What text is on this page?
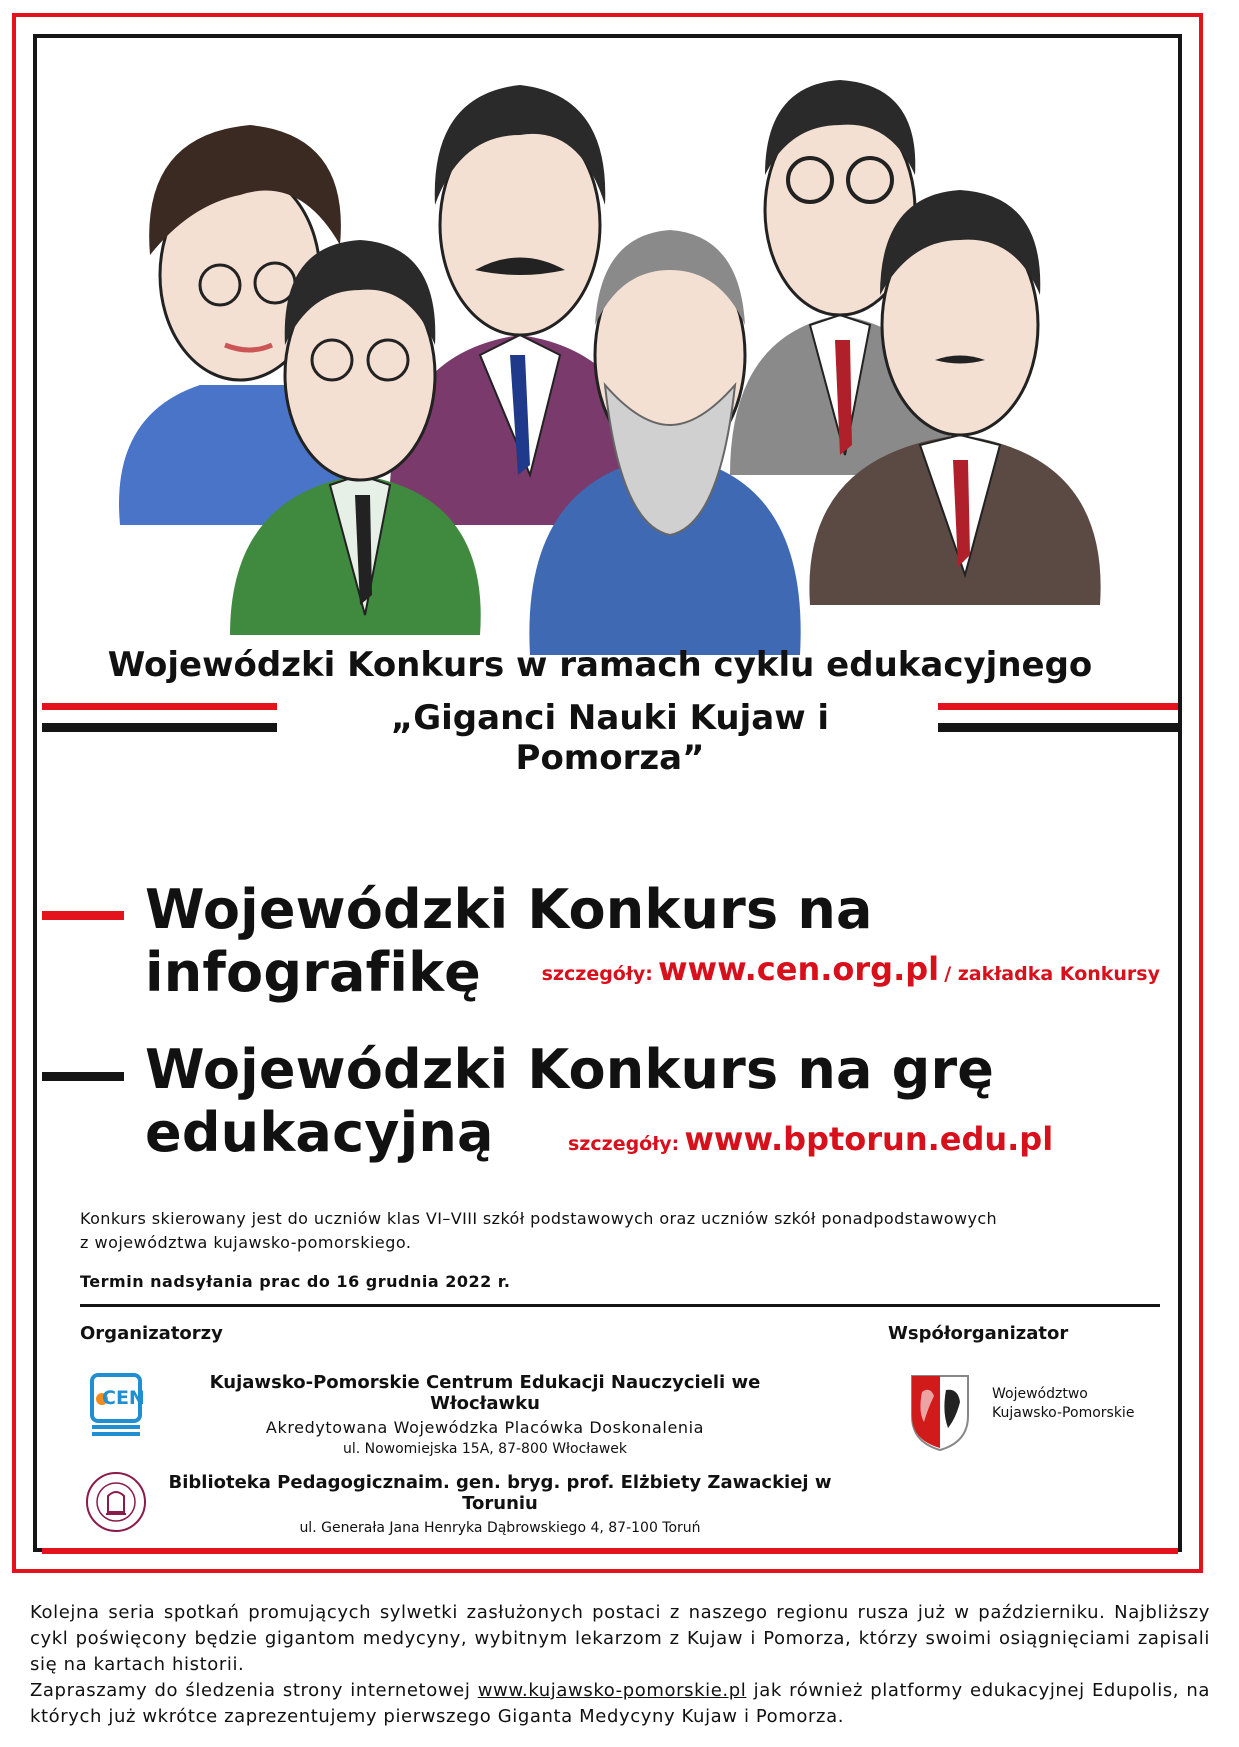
Wojewódzki Konkurs w ramach cyklu edukacyjnego
„Giganci Nauki Kujaw i Pomorza”
Wojewódzki Konkurs na infografikę	szczegóły: www.cen.org.pl / zakładka Konkursy
Wojewódzki Konkurs na grę edukacyjną	szczegóły: www.bptorun.edu.pl
Konkurs skierowany jest do uczniów klas VI–VIII szkół podstawowych oraz uczniów szkół ponadpodstawowych
z województwa kujawsko-pomorskiego.
Termin nadsyłania prac do 16 grudnia 2022 r.
Organizatorzy	Współorganizator
CEN
Kujawsko-Pomorskie Centrum Edukacji Nauczycieli we Włocławku
Akredytowana Wojewódzka Placówka Doskonalenia
ul. Nowomiejska 15A, 87-800 Włocławek
Biblioteka Pedagogicznaim. gen. bryg. prof. Elżbiety Zawackiej w Toruniu
ul. Generała Jana Henryka Dąbrowskiego 4, 87-100 Toruń
Województwo
Kujawsko-Pomorskie
Kolejna seria spotkań promujących sylwetki zasłużonych postaci z naszego regionu rusza już w październiku. Najbliższy cykl poświęcony będzie gigantom medycyny, wybitnym lekarzom z Kujaw i Pomorza, którzy swoimi osiągnięciami zapisali się na kartach historii.
Zapraszamy do śledzenia strony internetowej www.kujawsko-pomorskie.pl jak również platformy edukacyjnej Edupolis, na których już wkrótce zaprezentujemy pierwszego Giganta Medycyny Kujaw i Pomorza.
